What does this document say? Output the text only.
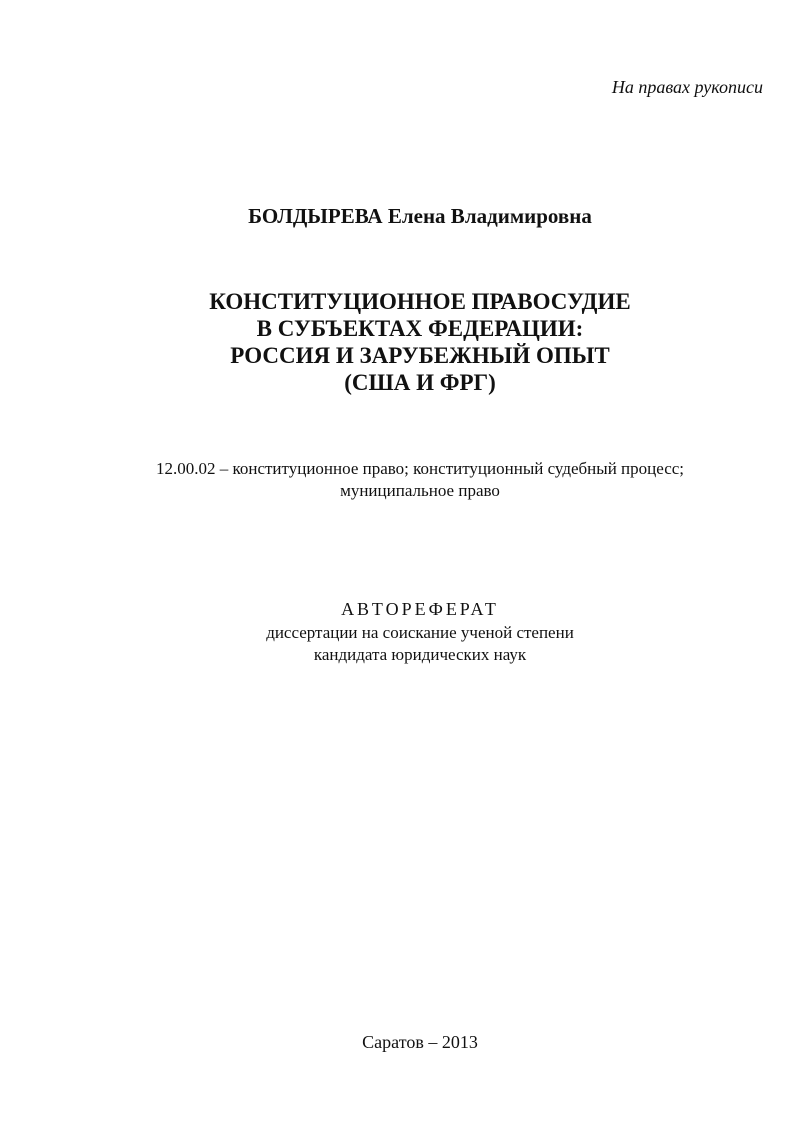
На правах рукописи
БОЛДЫРЕВА Елена Владимировна
КОНСТИТУЦИОННОЕ ПРАВОСУДИЕ
В СУБЪЕКТАХ ФЕДЕРАЦИИ:
РОССИЯ И ЗАРУБЕЖНЫЙ ОПЫТ
(США И ФРГ)
12.00.02 – конституционное право; конституционный судебный процесс;
муниципальное право
АВТОРЕФЕРАТ
диссертации на соискание ученой степени
кандидата юридических наук
Саратов – 2013
